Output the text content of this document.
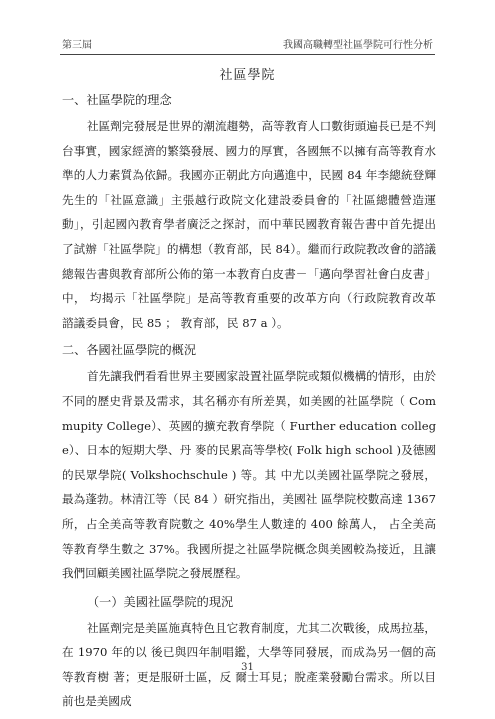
第三屆	我國高職轉型社區學院可行性分析
社區學院
一、社區學院的理念

社區劑完發展是世界的潮流趨勢，高等教育人口數街頭遍長已是不判台事實，國家經濟的繁築發展、國力的厚實，各國無不以擁有高等教育水準的人力素質為依歸。我國亦正朝此方向邁進中，民國 84 年李總統登輝先生的「社區意識」主張越行政院文化建設委員會的「社區總體營造運動」，引起國內教育學者廣泛之探討，而中華民國教育報告書中首先提出了試辦「社區學院」的構想（教育部，民 84）。繼而行政院教改會的諮議總報告書與教育部所公佈的第一本教育白皮書－「邁向學習社會白皮書」中， 均揭示「社區學院」是高等教育重要的改革方向（行政院教育改革諮議委員會，民 85 ； 教育部，民 87 a ）。

二、各國社區學院的概況

首先讓我們看看世界主要國家設置社區學院或類似機構的情形，由於不同的歷史背景及需求，其名稱亦有所差異，如美國的社區學院（ Commupity College）、英國的擴充教育學院（ Further education college）、日本的短期大學、丹 麥的民累高等學校( Folk high school )及德國的民眾學院( Volkshochschule ) 等。其 中尤以美國社區學院之發展，最為蓬勃。林清江等（民 84 ）研究指出，美國社 區學院校數高達 1367 所，占全美高等教育院數之 40%學生人數達的 400 餘萬人， 占全美高等教育學生數之 37%。我國所提之社區學院概念與美國較為接近，且讓我們回顧美國社區學院之發展歷程。

（一）美國社區學院的現況

社區劑完是美區施真特色且它教育制度，尤其二次戰後，成馬拉基，在 1970 年的以 後已與四年制唱鑑，大學等同發展，而成為另一個的高等教育樹 著；更是服研士區，反 爾士耳見；脫產業發勵台需求。所以目前也是美國成

31
